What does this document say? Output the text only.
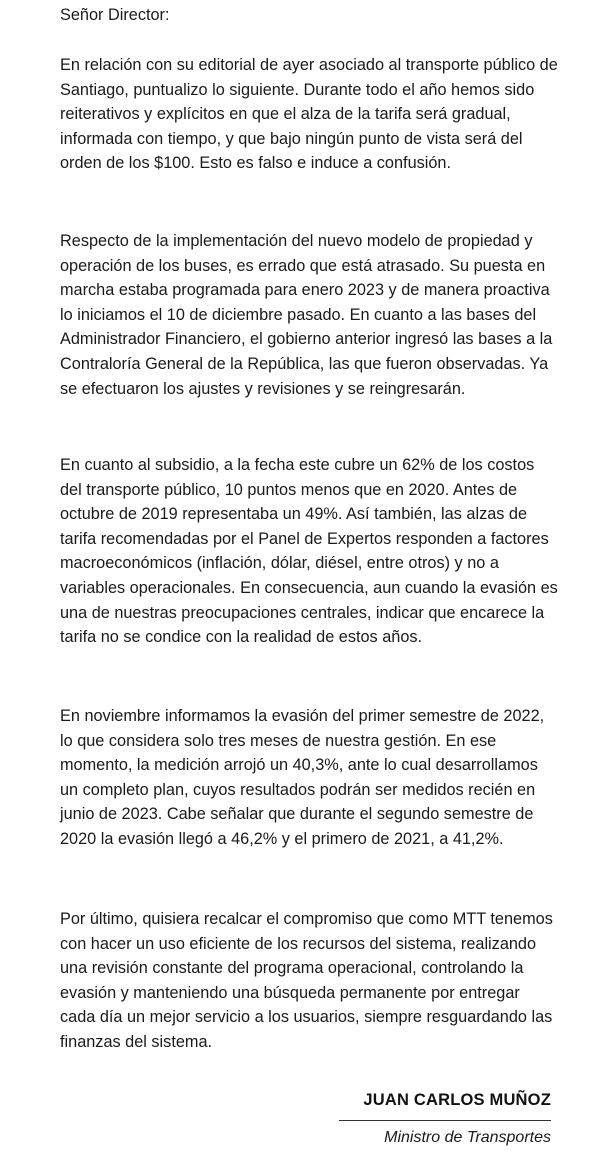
Señor Director:

En relación con su editorial de ayer asociado al transporte público de Santiago, puntualizo lo siguiente. Durante todo el año hemos sido reiterativos y explícitos en que el alza de la tarifa será gradual, informada con tiempo, y que bajo ningún punto de vista será del orden de los $100. Esto es falso e induce a confusión.

Respecto de la implementación del nuevo modelo de propiedad y operación de los buses, es errado que está atrasado. Su puesta en marcha estaba programada para enero 2023 y de manera proactiva lo iniciamos el 10 de diciembre pasado. En cuanto a las bases del Administrador Financiero, el gobierno anterior ingresó las bases a la Contraloría General de la República, las que fueron observadas. Ya se efectuaron los ajustes y revisiones y se reingresarán.

En cuanto al subsidio, a la fecha este cubre un 62% de los costos del transporte público, 10 puntos menos que en 2020. Antes de octubre de 2019 representaba un 49%. Así también, las alzas de tarifa recomendadas por el Panel de Expertos responden a factores macroeconómicos (inflación, dólar, diésel, entre otros) y no a variables operacionales. En consecuencia, aun cuando la evasión es una de nuestras preocupaciones centrales, indicar que encarece la tarifa no se condice con la realidad de estos años.

En noviembre informamos la evasión del primer semestre de 2022, lo que considera solo tres meses de nuestra gestión. En ese momento, la medición arrojó un 40,3%, ante lo cual desarrollamos un completo plan, cuyos resultados podrán ser medidos recién en junio de 2023. Cabe señalar que durante el segundo semestre de 2020 la evasión llegó a 46,2% y el primero de 2021, a 41,2%.

Por último, quisiera recalcar el compromiso que como MTT tenemos con hacer un uso eficiente de los recursos del sistema, realizando una revisión constante del programa operacional, controlando la evasión y manteniendo una búsqueda permanente por entregar cada día un mejor servicio a los usuarios, siempre resguardando las finanzas del sistema.

JUAN CARLOS MUÑOZ

Ministro de Transportes
